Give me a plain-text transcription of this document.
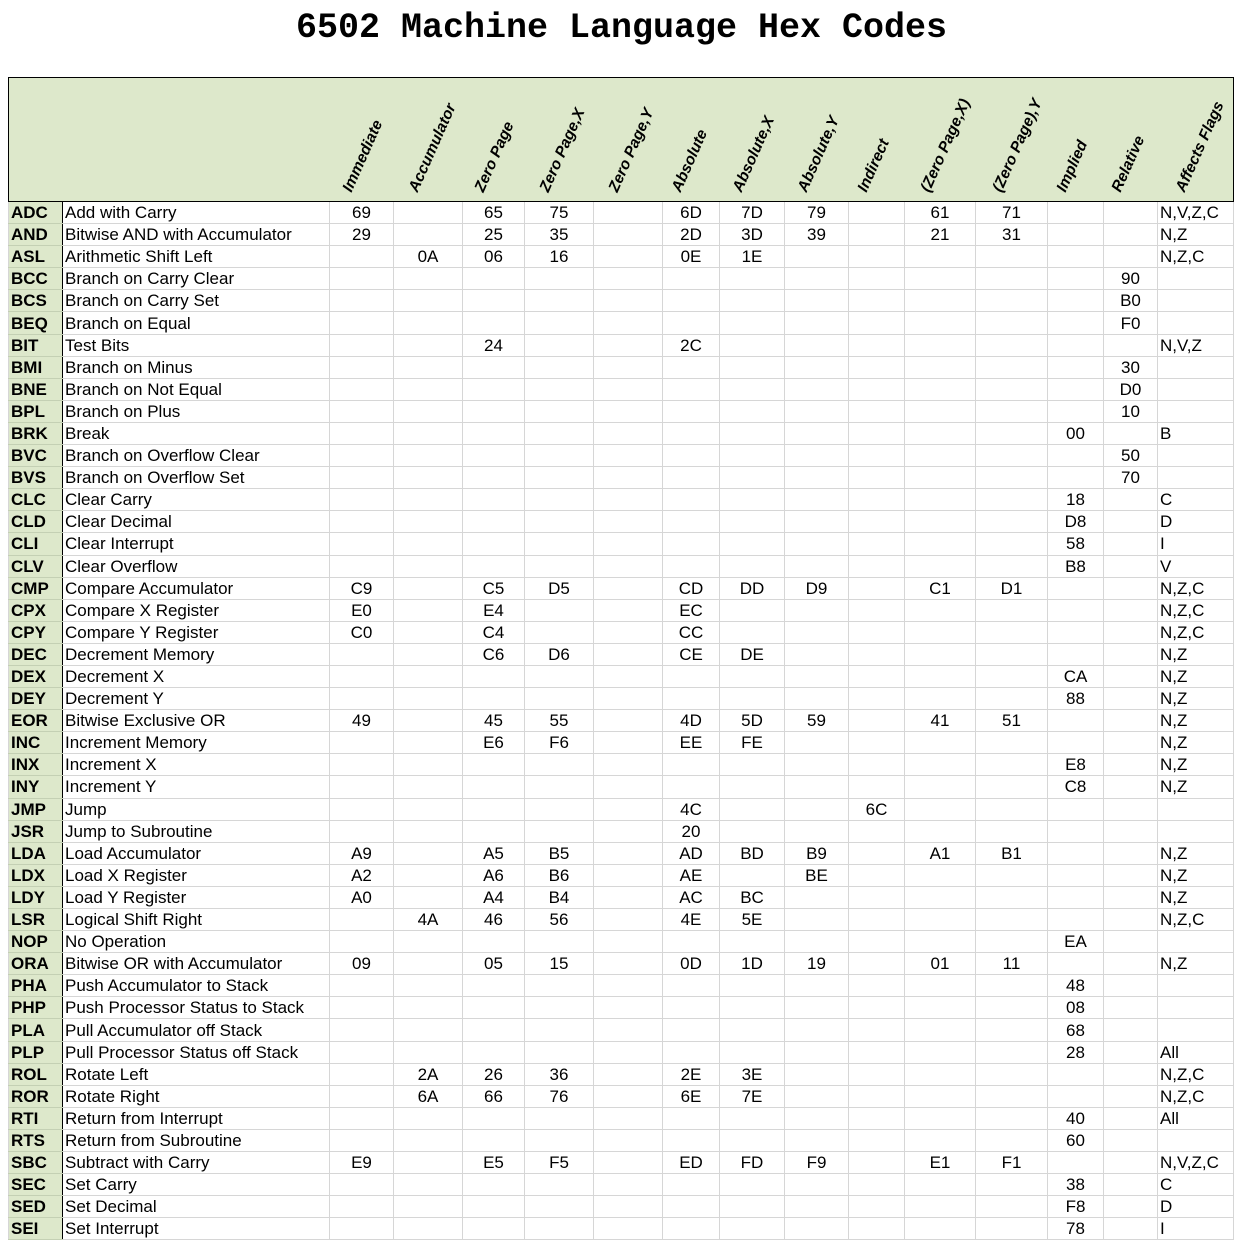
6502 Machine Language Hex Codes

		Immediate	Accumulator	Zero Page	Zero Page,X	Zero Page,Y	Absolute	Absolute,X	Absolute,Y	Indirect	(Zero Page,X)	(Zero Page),Y	Implied	Relative	Affects Flags

ADC	Add with Carry	69		65	75		6D	7D	79		61	71			N,V,Z,C
AND	Bitwise AND with Accumulator	29		25	35		2D	3D	39		21	31			N,Z
ASL	Arithmetic Shift Left		0A	06	16		0E	1E							N,Z,C
BCC	Branch on Carry Clear													90	
BCS	Branch on Carry Set													B0	
BEQ	Branch on Equal													F0	
BIT	Test Bits			24			2C								N,V,Z
BMI	Branch on Minus													30	
BNE	Branch on Not Equal													D0	
BPL	Branch on Plus													10	
BRK	Break												00		B
BVC	Branch on Overflow Clear													50	
BVS	Branch on Overflow Set													70	
CLC	Clear Carry												18		C
CLD	Clear Decimal												D8		D
CLI	Clear Interrupt												58		I
CLV	Clear Overflow												B8		V
CMP	Compare Accumulator	C9		C5	D5		CD	DD	D9		C1	D1			N,Z,C
CPX	Compare X Register	E0		E4			EC								N,Z,C
CPY	Compare Y Register	C0		C4			CC								N,Z,C
DEC	Decrement Memory			C6	D6		CE	DE							N,Z
DEX	Decrement X												CA		N,Z
DEY	Decrement Y												88		N,Z
EOR	Bitwise Exclusive OR	49		45	55		4D	5D	59		41	51			N,Z
INC	Increment Memory			E6	F6		EE	FE							N,Z
INX	Increment X												E8		N,Z
INY	Increment Y												C8		N,Z
JMP	Jump						4C			6C					
JSR	Jump to Subroutine						20								
LDA	Load Accumulator	A9		A5	B5		AD	BD	B9		A1	B1			N,Z
LDX	Load X Register	A2		A6	B6		AE		BE						N,Z
LDY	Load Y Register	A0		A4	B4		AC	BC							N,Z
LSR	Logical Shift Right		4A	46	56		4E	5E							N,Z,C
NOP	No Operation												EA		
ORA	Bitwise OR with Accumulator	09		05	15		0D	1D	19		01	11			N,Z
PHA	Push Accumulator to Stack												48		
PHP	Push Processor Status to Stack												08		
PLA	Pull Accumulator off Stack												68		
PLP	Pull Processor Status off Stack												28		All
ROL	Rotate Left		2A	26	36		2E	3E							N,Z,C
ROR	Rotate Right		6A	66	76		6E	7E							N,Z,C
RTI	Return from Interrupt												40		All
RTS	Return from Subroutine												60		
SBC	Subtract with Carry	E9		E5	F5		ED	FD	F9		E1	F1			N,V,Z,C
SEC	Set Carry												38		C
SED	Set Decimal												F8		D
SEI	Set Interrupt												78		I
